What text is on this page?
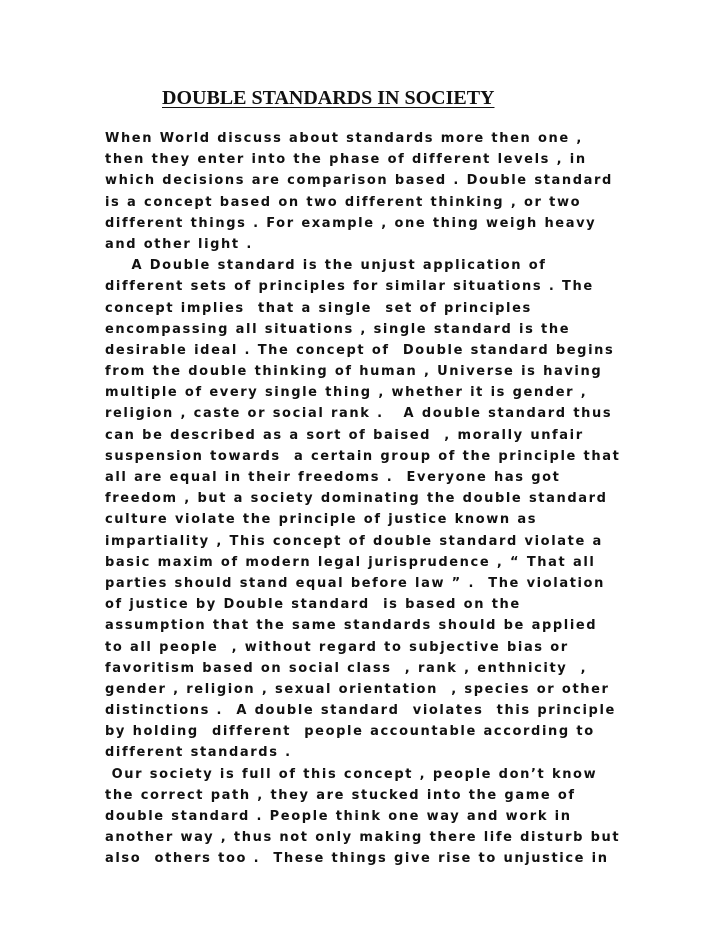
DOUBLE STANDARDS IN SOCIETY
When World discuss about standards more then one ,
then they enter into the phase of different levels , in
which decisions are comparison based . Double standard
is a concept based on two different thinking , or two
different things . For example , one thing weigh heavy
and other light .
A Double standard is the unjust application of
different sets of principles for similar situations . The
concept implies  that a single  set of principles
encompassing all situations , single standard is the
desirable ideal . The concept of  Double standard begins
from the double thinking of human , Universe is having
multiple of every single thing , whether it is gender ,
religion , caste or social rank .   A double standard thus
can be described as a sort of baised  , morally unfair
suspension towards  a certain group of the principle that
all are equal in their freedoms .  Everyone has got
freedom , but a society dominating the double standard
culture violate the principle of justice known as
impartiality , This concept of double standard violate a
basic maxim of modern legal jurisprudence , “ That all
parties should stand equal before law ” .  The violation
of justice by Double standard  is based on the
assumption that the same standards should be applied
to all people  , without regard to subjective bias or
favoritism based on social class  , rank , enthnicity  ,
gender , religion , sexual orientation  , species or other
distinctions .  A double standard  violates  this principle
by holding  different  people accountable according to
different standards .
Our society is full of this concept , people don’t know
the correct path , they are stucked into the game of
double standard . People think one way and work in
another way , thus not only making there life disturb but
also  others too .  These things give rise to unjustice in
